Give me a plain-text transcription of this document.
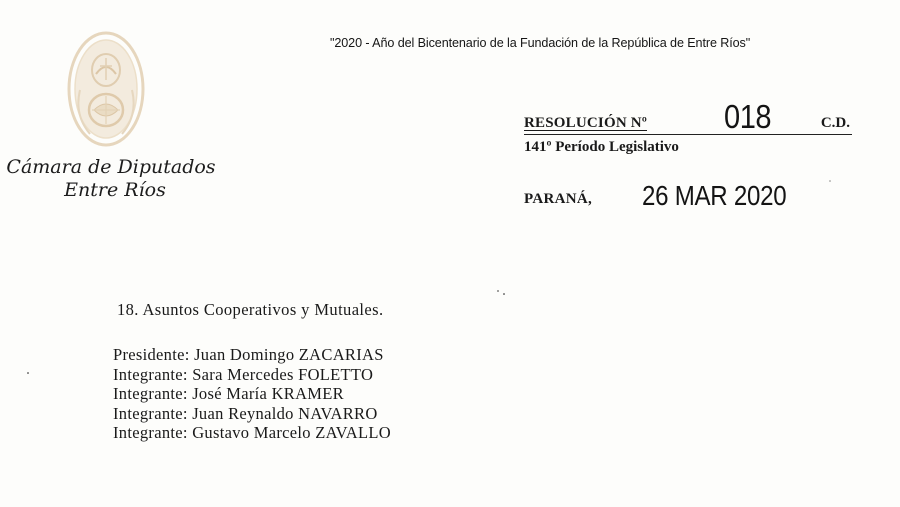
Cámara de Diputados
Entre Ríos
"2020 - Año del Bicentenario de la Fundación de la República de Entre Ríos"
RESOLUCIÓN Nº 018	C.D.
141º Período Legislativo
PARANÁ, 26 MAR 2020
18. Asuntos Cooperativos y Mutuales.
Presidente: Juan Domingo ZACARIAS
Integrante: Sara Mercedes FOLETTO
Integrante: José María KRAMER
Integrante: Juan Reynaldo NAVARRO
Integrante: Gustavo Marcelo ZAVALLO
